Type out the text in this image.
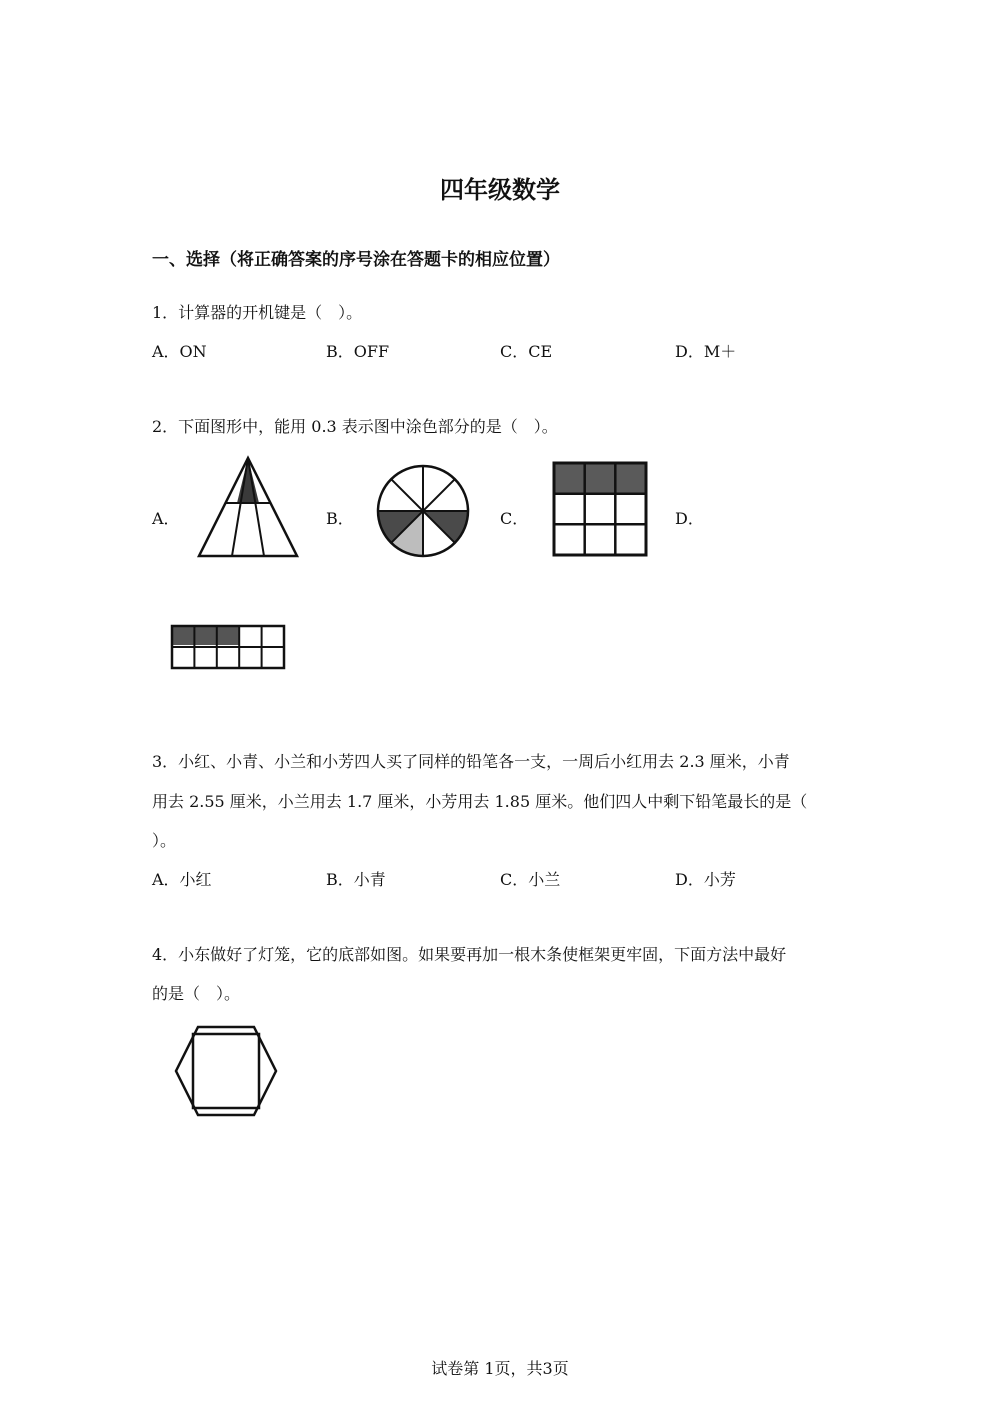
四年级数学
一、选择（将正确答案的序号涂在答题卡的相应位置）
1．计算器的开机键是（　）。
A．ON	B．OFF	C．CE	D．M＋
2．下面图形中，能用 0.3 表示图中涂色部分的是（　）。
A．	B．	C．	D．
3．小红、小青、小兰和小芳四人买了同样的铅笔各一支，一周后小红用去 2.3 厘米，小青
用去 2.55 厘米，小兰用去 1.7 厘米，小芳用去 1.85 厘米。他们四人中剩下铅笔最长的是（
）。
A．小红	B．小青	C．小兰	D．小芳
4．小东做好了灯笼，它的底部如图。如果要再加一根木条使框架更牢固，下面方法中最好
的是（　）。
试卷第 1页，共3页
